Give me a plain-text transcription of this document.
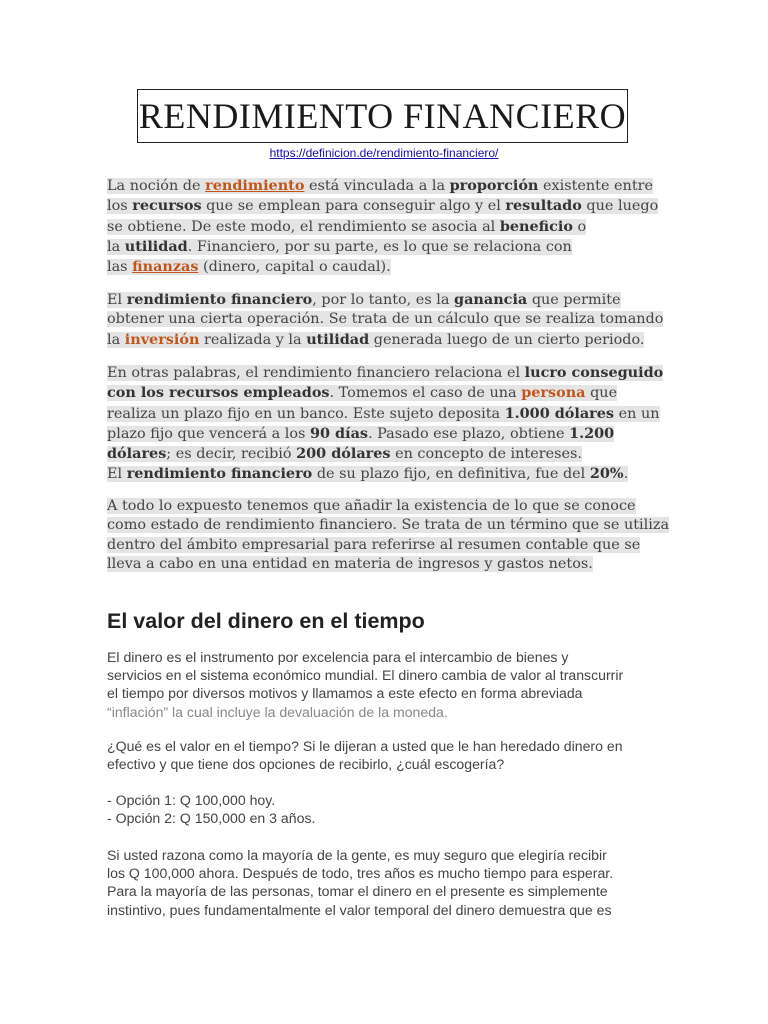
RENDIMIENTO FINANCIERO
https://definicion.de/rendimiento-financiero/

La noción de rendimiento está vinculada a la proporción existente entre
los recursos que se emplean para conseguir algo y el resultado que luego
se obtiene. De este modo, el rendimiento se asocia al beneficio o
la utilidad. Financiero, por su parte, es lo que se relaciona con
las finanzas (dinero, capital o caudal).

El rendimiento financiero, por lo tanto, es la ganancia que permite
obtener una cierta operación. Se trata de un cálculo que se realiza tomando
la inversión realizada y la utilidad generada luego de un cierto periodo.

En otras palabras, el rendimiento financiero relaciona el lucro conseguido
con los recursos empleados. Tomemos el caso de una persona que
realiza un plazo fijo en un banco. Este sujeto deposita 1.000 dólares en un
plazo fijo que vencerá a los 90 días. Pasado ese plazo, obtiene 1.200
dólares; es decir, recibió 200 dólares en concepto de intereses.
El rendimiento financiero de su plazo fijo, en definitiva, fue del 20%.

A todo lo expuesto tenemos que añadir la existencia de lo que se conoce
como estado de rendimiento financiero. Se trata de un término que se utiliza
dentro del ámbito empresarial para referirse al resumen contable que se
lleva a cabo en una entidad en materia de ingresos y gastos netos.

El valor del dinero en el tiempo

El dinero es el instrumento por excelencia para el intercambio de bienes y
servicios en el sistema económico mundial. El dinero cambia de valor al transcurrir
el tiempo por diversos motivos y llamamos a este efecto en forma abreviada
“inflación” la cual incluye la devaluación de la moneda.

¿Qué es el valor en el tiempo? Si le dijeran a usted que le han heredado dinero en
efectivo y que tiene dos opciones de recibirlo, ¿cuál escogería?

- Opción 1: Q 100,000 hoy.
- Opción 2: Q 150,000 en 3 años.

Si usted razona como la mayoría de la gente, es muy seguro que elegiría recibir
los Q 100,000 ahora. Después de todo, tres años es mucho tiempo para esperar.
Para la mayoría de las personas, tomar el dinero en el presente es simplemente
instintivo, pues fundamentalmente el valor temporal del dinero demuestra que es
